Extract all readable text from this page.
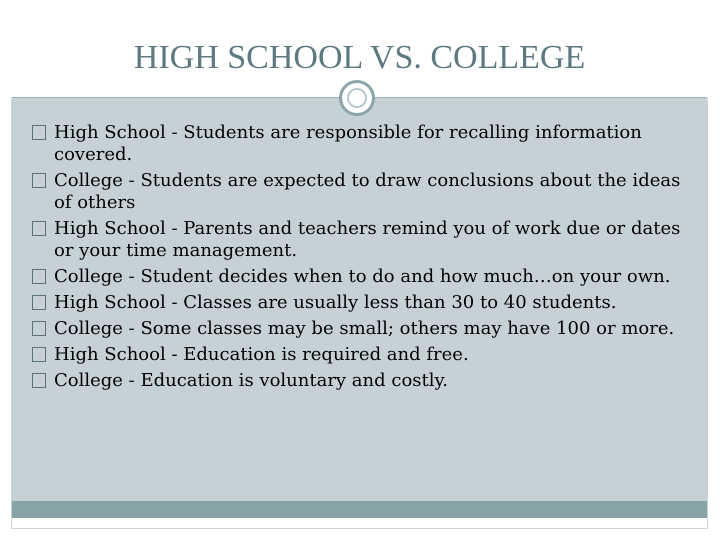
HIGH SCHOOL VS. COLLEGE
High School - Students are responsible for recalling information covered.
College - Students are expected to draw conclusions about the ideas of others
High School - Parents and teachers remind you of work due or dates or your time management.
College - Student decides when to do and how much…on your own.
High School - Classes are usually less than 30 to 40 students.
College - Some classes may be small; others may have 100 or more.
High School - Education is required and free.
College - Education is voluntary and costly.
